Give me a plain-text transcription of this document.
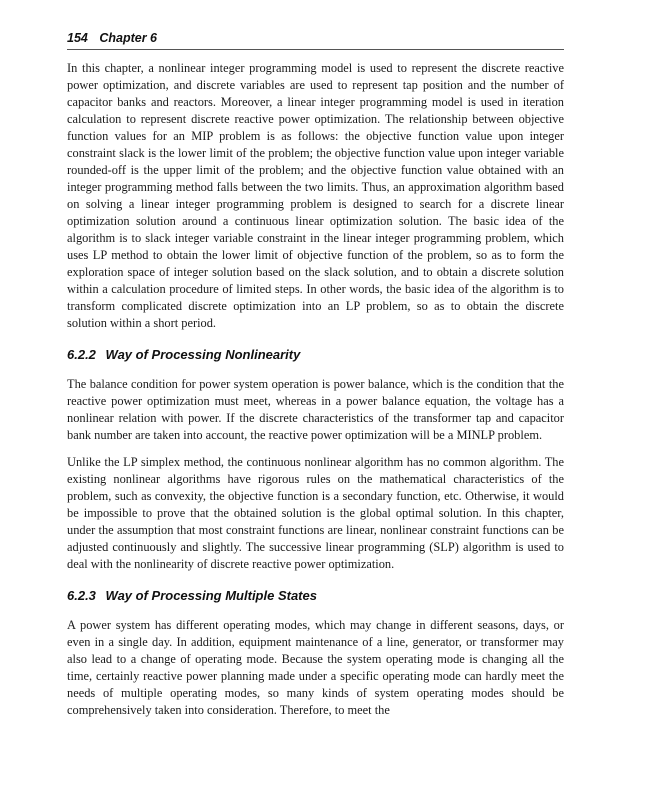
154 Chapter 6

In this chapter, a nonlinear integer programming model is used to represent the discrete reactive power optimization, and discrete variables are used to represent tap position and the number of capacitor banks and reactors. Moreover, a linear integer programming model is used in iteration calculation to represent discrete reactive power optimization. The relationship between objective function values for an MIP problem is as follows: the objective function value upon integer constraint slack is the lower limit of the problem; the objective function value upon integer variable rounded-off is the upper limit of the problem; and the objective function value obtained with an integer programming method falls between the two limits. Thus, an approximation algorithm based on solving a linear integer programming problem is designed to search for a discrete linear optimization solution around a continuous linear optimization solution. The basic idea of the algorithm is to slack integer variable constraint in the linear integer programming problem, which uses LP method to obtain the lower limit of objective function of the problem, so as to form the exploration space of integer solution based on the slack solution, and to obtain a discrete solution within a calculation procedure of limited steps. In other words, the basic idea of the algorithm is to transform complicated discrete optimization into an LP problem, so as to obtain the discrete solution within a short period.

6.2.2 Way of Processing Nonlinearity

The balance condition for power system operation is power balance, which is the condition that the reactive power optimization must meet, whereas in a power balance equation, the voltage has a nonlinear relation with power. If the discrete characteristics of the transformer tap and capacitor bank number are taken into account, the reactive power optimization will be a MINLP problem.

Unlike the LP simplex method, the continuous nonlinear algorithm has no common algorithm. The existing nonlinear algorithms have rigorous rules on the mathematical characteristics of the problem, such as convexity, the objective function is a secondary function, etc. Otherwise, it would be impossible to prove that the obtained solution is the global optimal solution. In this chapter, under the assumption that most constraint functions are linear, nonlinear constraint functions can be adjusted continuously and slightly. The successive linear programming (SLP) algorithm is used to deal with the nonlinearity of discrete reactive power optimization.

6.2.3 Way of Processing Multiple States

A power system has different operating modes, which may change in different seasons, days, or even in a single day. In addition, equipment maintenance of a line, generator, or transformer may also lead to a change of operating mode. Because the system operating mode is changing all the time, certainly reactive power planning made under a specific operating mode can hardly meet the needs of multiple operating modes, so many kinds of system operating modes should be comprehensively taken into consideration. Therefore, to meet the
